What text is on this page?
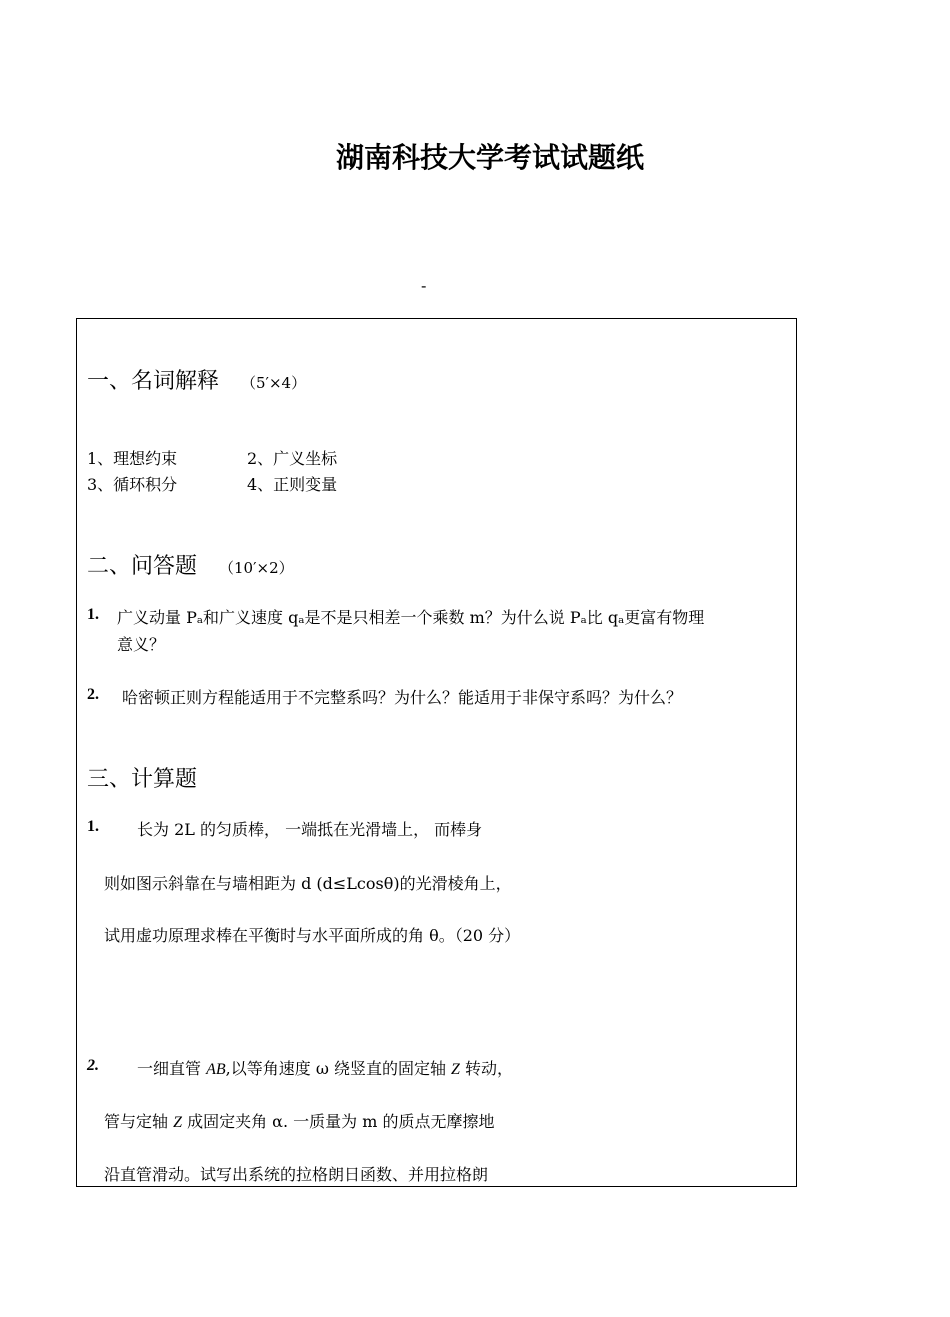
湖南科技大学考试试题纸
-
一、名词解释 （5′×4）
1、理想约束	2、广义坐标
3、循环积分	4、正则变量
二、问答题 （10′×2）
1. 广义动量 Pₐ和广义速度 qₐ是不是只相差一个乘数 m？为什么说 Pₐ比 qₐ更富有物理
意义？
2. 哈密顿正则方程能适用于不完整系吗？为什么？能适用于非保守系吗？为什么？
三、计算题
1. 长为 2L 的匀质棒， 一端抵在光滑墙上， 而棒身
则如图示斜靠在与墙相距为 d (d≤Lcosθ)的光滑棱角上，
试用虚功原理求棒在平衡时与水平面所成的角 θ。（20 分）
2. 一细直管 AB,以等角速度 ω 绕竖直的固定轴 Z 转动，
管与定轴 Z 成固定夹角 α. 一质量为 m 的质点无摩擦地
沿直管滑动。试写出系统的拉格朗日函数、并用拉格朗
